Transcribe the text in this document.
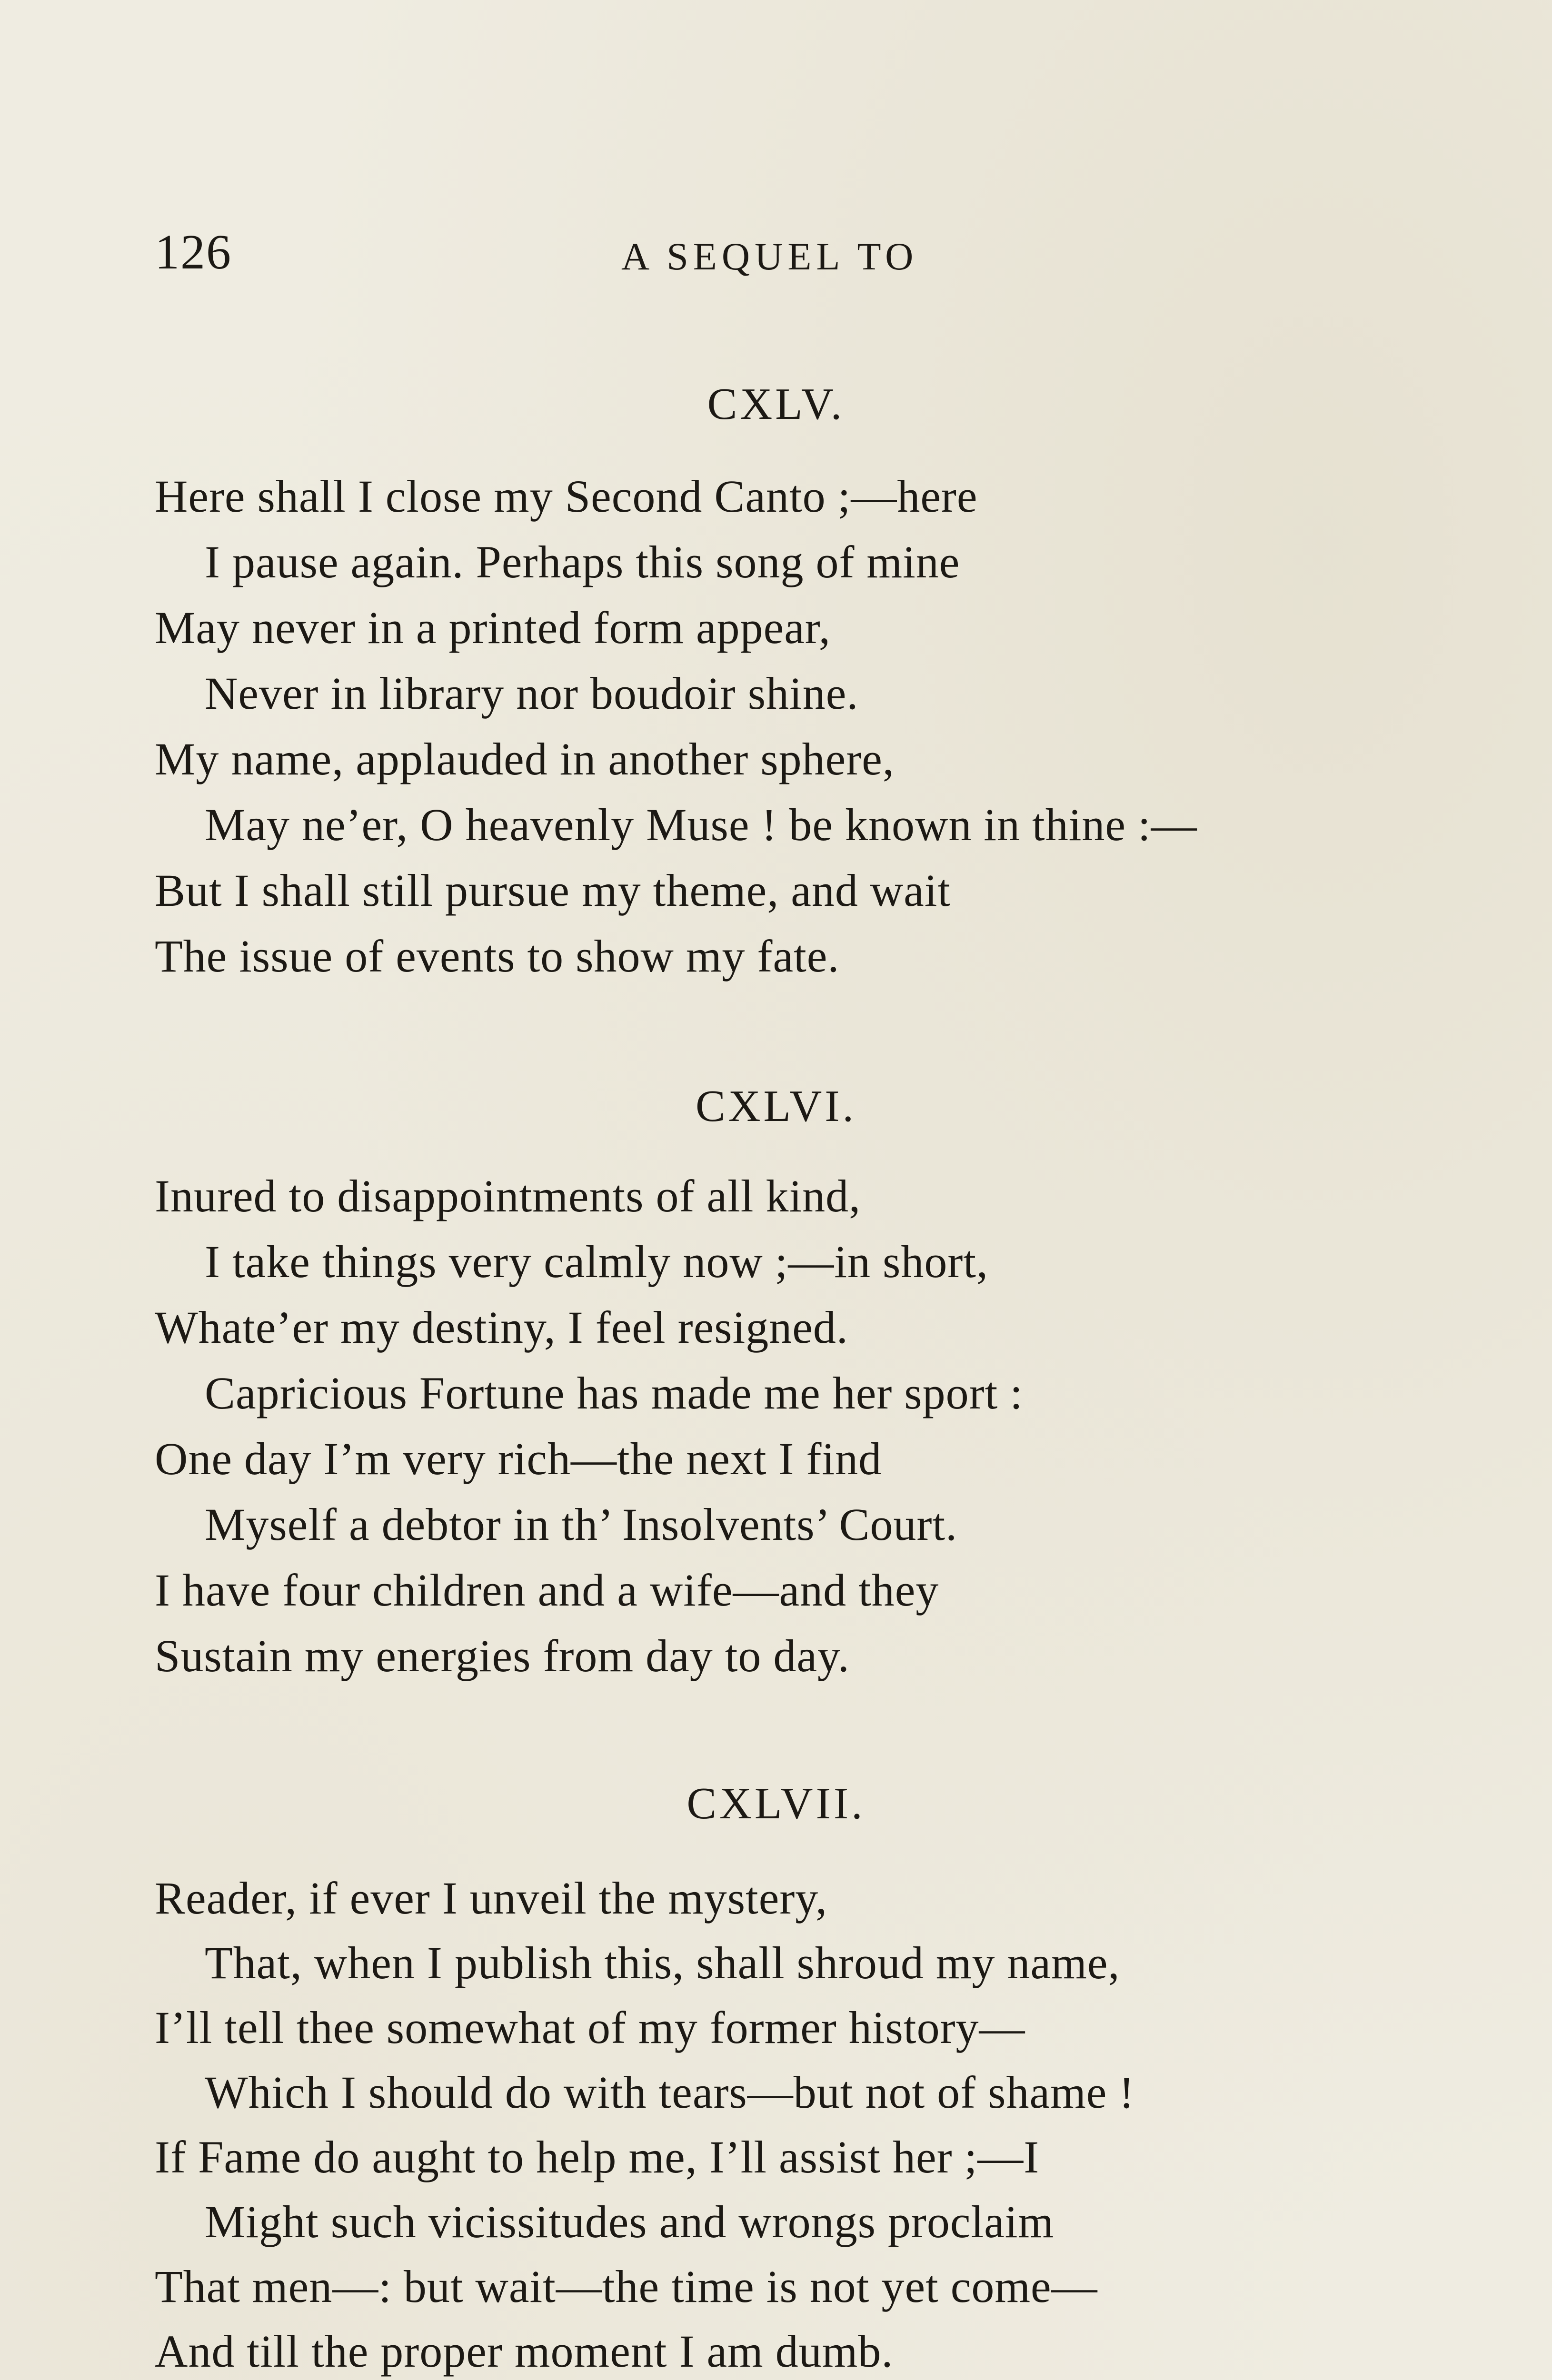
126	A SEQUEL TO
CXLV.
Here shall I close my Second Canto ;—here
I pause again. Perhaps this song of mine
May never in a printed form appear,
Never in library nor boudoir shine.
My name, applauded in another sphere,
May ne’er, O heavenly Muse ! be known in thine :—
But I shall still pursue my theme, and wait
The issue of events to show my fate.
CXLVI.
Inured to disappointments of all kind,
I take things very calmly now ;—in short,
Whate’er my destiny, I feel resigned.
Capricious Fortune has made me her sport :
One day I’m very rich—the next I find
Myself a debtor in th’ Insolvents’ Court.
I have four children and a wife—and they
Sustain my energies from day to day.
CXLVII.
Reader, if ever I unveil the mystery,
That, when I publish this, shall shroud my name,
I’ll tell thee somewhat of my former history—
Which I should do with tears—but not of shame !
If Fame do aught to help me, I’ll assist her ;—I
Might such vicissitudes and wrongs proclaim
That men—: but wait—the time is not yet come—
And till the proper moment I am dumb.
